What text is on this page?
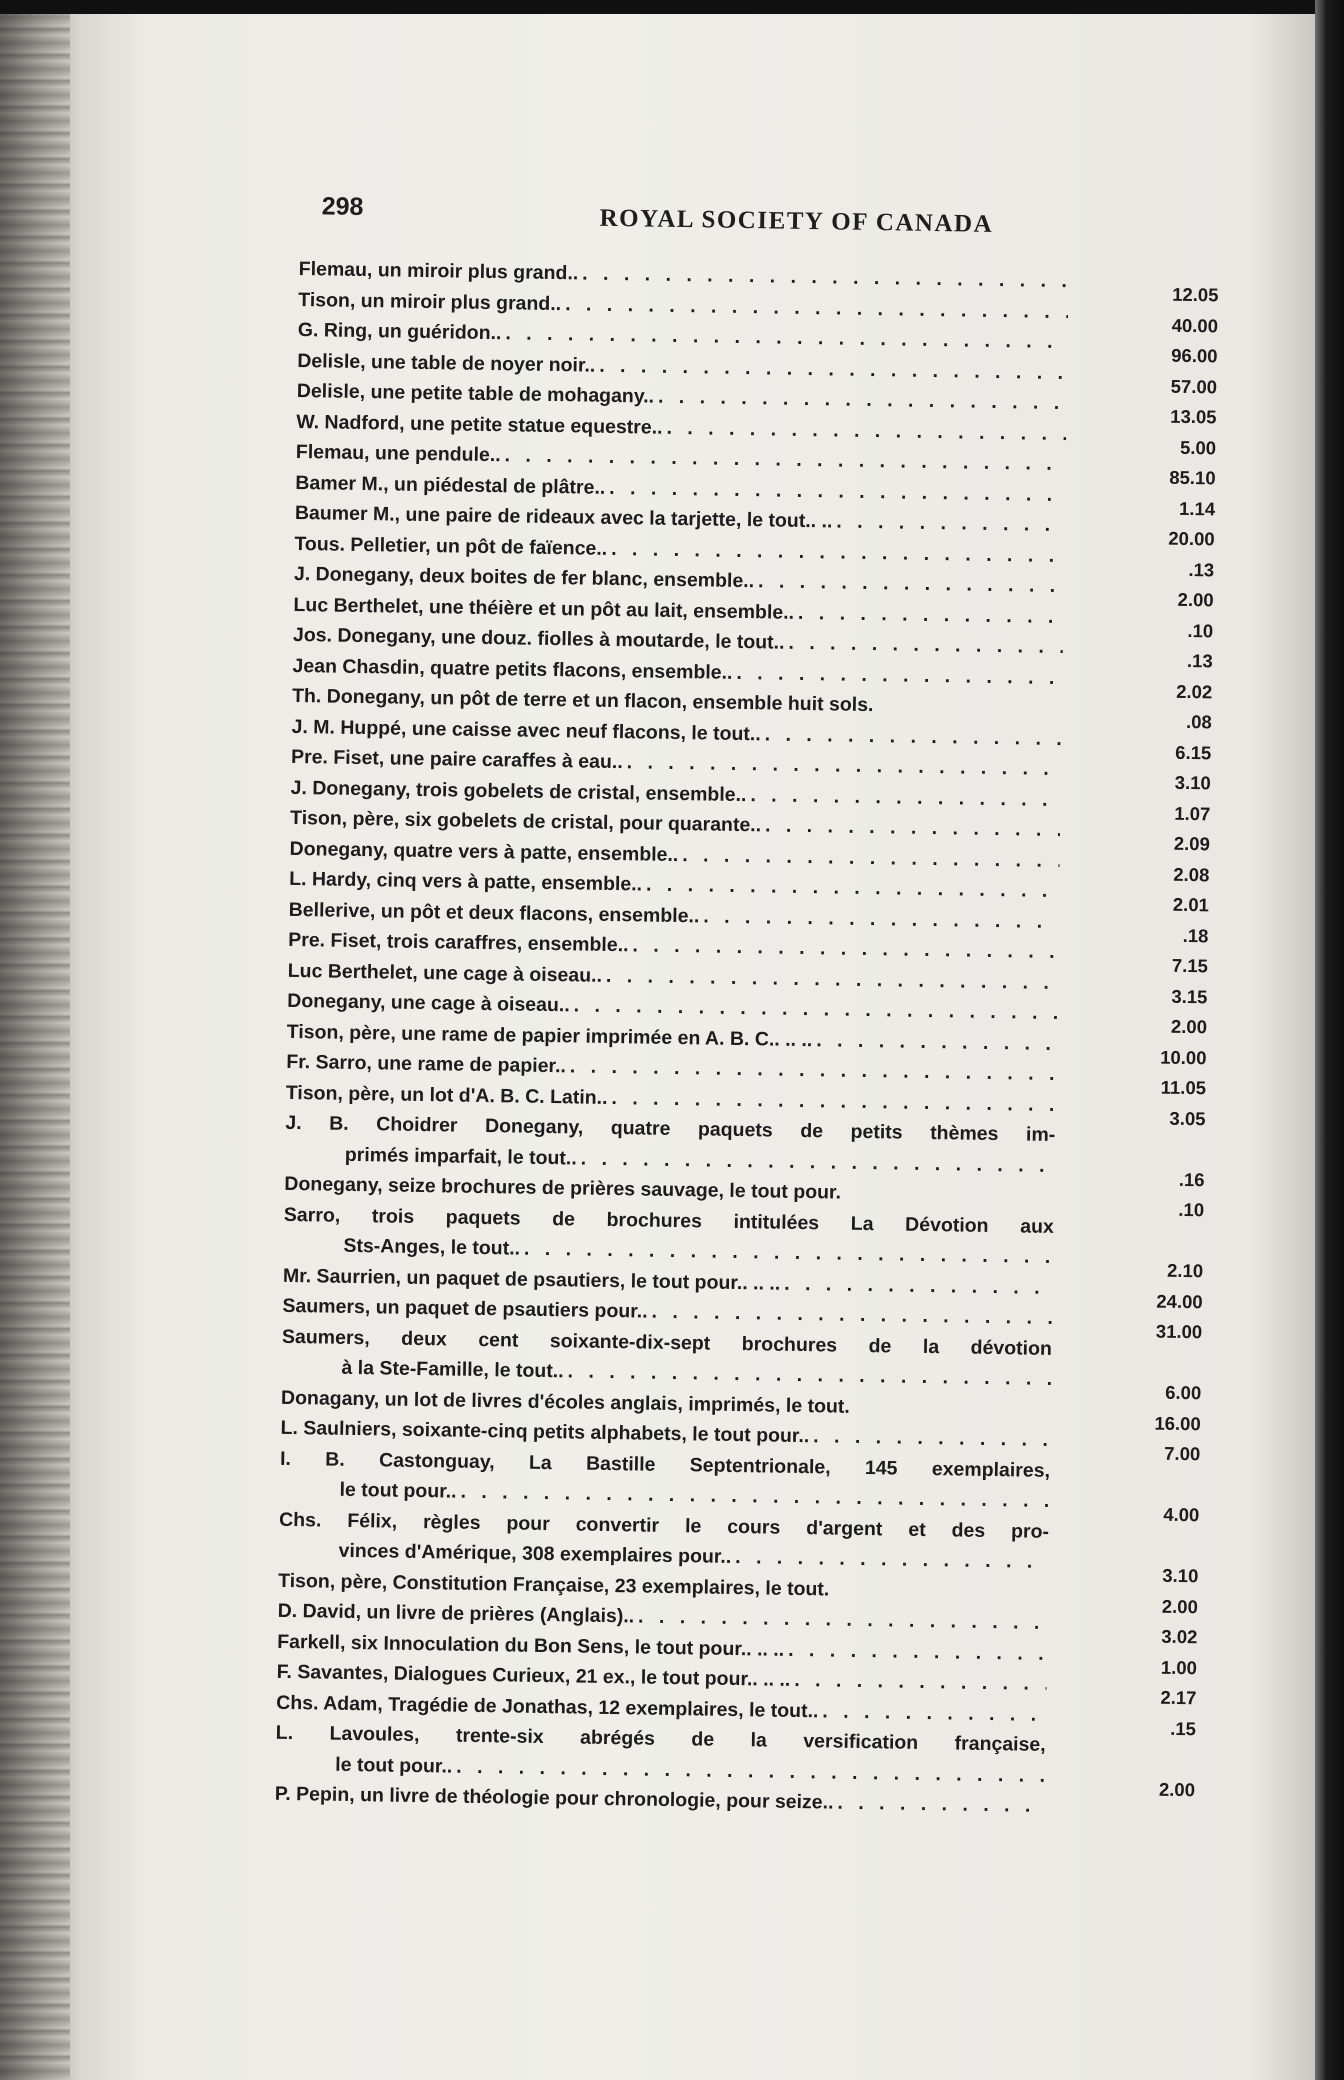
298	ROYAL SOCIETY OF CANADA
Flemau, un miroir plus grand.. . . .
12.05
Tison, un miroir plus grand.. . . .
40.00
G. Ring, un guéridon.. . . .
96.00
Delisle, une table de noyer noir.. . . .
57.00
Delisle, une petite table de mohagany.. . . .
13.05
W. Nadford, une petite statue equestre.. . . .
5.00
Flemau, une pendule.. . . .
85.10
Bamer M., un piédestal de plâtre.. . . .
1.14
Baumer M., une paire de rideaux avec la tarjette, le tout.. .. . . .
20.00
Tous. Pelletier, un pôt de faïence.. . . .
.13
J. Donegany, deux boites de fer blanc, ensemble.. . . .
2.00
Luc Berthelet, une théière et un pôt au lait, ensemble.. . . .
.10
Jos. Donegany, une douz. fiolles à moutarde, le tout.. . . .
.13
Jean Chasdin, quatre petits flacons, ensemble.. . . .
2.02
Th. Donegany, un pôt de terre et un flacon, ensemble huit sols.
.08
J. M. Huppé, une caisse avec neuf flacons, le tout.. . . .
6.15
Pre. Fiset, une paire caraffes à eau.. . . .
3.10
J. Donegany, trois gobelets de cristal, ensemble.. . . .
1.07
Tison, père, six gobelets de cristal, pour quarante.. . . .
2.09
Donegany, quatre vers à patte, ensemble.. . . .
2.08
L. Hardy, cinq vers à patte, ensemble.. . . .
2.01
Bellerive, un pôt et deux flacons, ensemble.. . . .
.18
Pre. Fiset, trois caraffres, ensemble.. . . .
7.15
Luc Berthelet, une cage à oiseau.. . . .
3.15
Donegany, une cage à oiseau.. . . .
2.00
Tison, père, une rame de papier imprimée en A. B. C.. .. .. . . .
10.00
Fr. Sarro, une rame de papier.. . . .
11.05
Tison, père, un lot d'A. B. C. Latin.. . . .
3.05
J. B. Choidrer Donegany, quatre paquets de petits thèmes im-
primés imparfait, le tout.. . . .
.16
Donegany, seize brochures de prières sauvage, le tout pour.
.10
Sarro, trois paquets de brochures intitulées La Dévotion aux
Sts-Anges, le tout.. . . .
2.10
Mr. Saurrien, un paquet de psautiers, le tout pour.. .. .. . . .
24.00
Saumers, un paquet de psautiers pour.. . . .
31.00
Saumers, deux cent soixante-dix-sept brochures de la dévotion
à la Ste-Famille, le tout.. . . .
6.00
Donagany, un lot de livres d'écoles anglais, imprimés, le tout.
16.00
L. Saulniers, soixante-cinq petits alphabets, le tout pour.. . . .
7.00
I. B. Castonguay, La Bastille Septentrionale, 145 exemplaires,
le tout pour.. . . .
4.00
Chs. Félix, règles pour convertir le cours d'argent et des pro-
vinces d'Amérique, 308 exemplaires pour.. . . .
3.10
Tison, père, Constitution Française, 23 exemplaires, le tout.
2.00
D. David, un livre de prières (Anglais).. . . .
3.02
Farkell, six Innoculation du Bon Sens, le tout pour.. .. .. . . .
1.00
F. Savantes, Dialogues Curieux, 21 ex., le tout pour.. .. .. . . .
2.17
Chs. Adam, Tragédie de Jonathas, 12 exemplaires, le tout.. . . .
.15
L. Lavoules, trente-six abrégés de la versification française,
le tout pour.. . . .
2.00
P. Pepin, un livre de théologie pour chronologie, pour seize.. . . .
